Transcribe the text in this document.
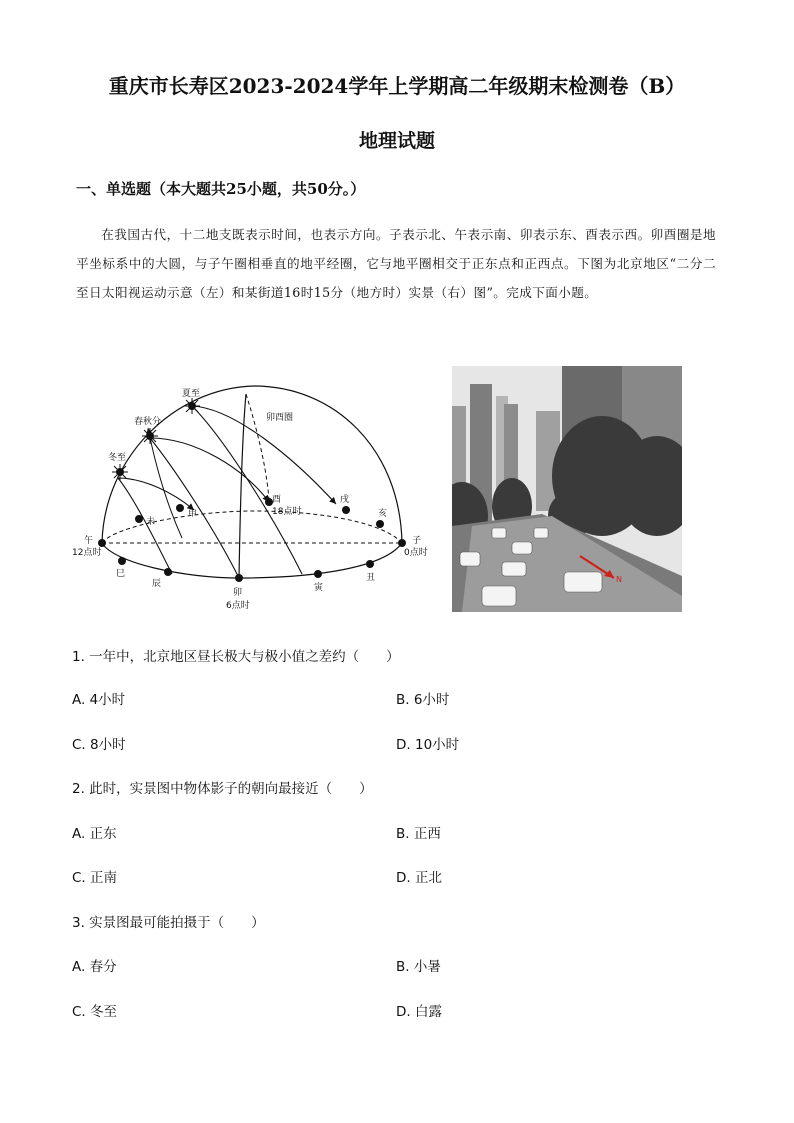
重庆市长寿区2023-2024学年上学期高二年级期末检测卷（B）
地理试题
一、单选题（本大题共25小题，共50分。）
在我国古代，十二地支既表示时间，也表示方向。子表示北、午表示南、卯表示东、酉表示西。卯酉圈是地平坐标系中的大圆，与子午圈相垂直的地平经圈，它与地平圈相交于正东点和正西点。下图为北京地区“二分二至日太阳视运动示意（左）和某街道16时15分（地方时）实景（右）图”。完成下面小题。
夏至
春秋分
冬至
卯酉圈
午
12点时
子
0点时
酉
18点时
卯
6点时
未
申
戌
亥
巳
辰	寅
丑	N
1. 一年中，北京地区昼长极大与极小值之差约（　　）
A. 4小时	B. 6小时
C. 8小时	D. 10小时
2. 此时，实景图中物体影子的朝向最接近（　　）
A. 正东	B. 正西
C. 正南	D. 正北
3. 实景图最可能拍摄于（　　）
A. 春分	B. 小暑
C. 冬至	D. 白露
